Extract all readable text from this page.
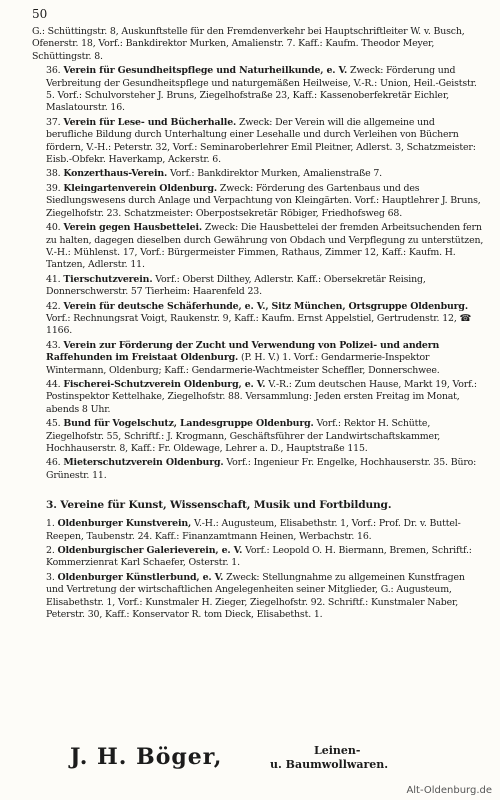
50
G.: Schüttingstr. 8, Auskunftstelle für den Fremdenverkehr bei Hauptschriftleiter W. v. Busch, Ofenerstr. 18, Vorf.: Bankdirektor Murken, Amalienstr. 7. Kaff.: Kaufm. Theodor Meyer, Schüttingstr. 8.
36. Verein für Gesundheitspflege und Naturheilkunde, e. V. Zweck: Förderung und Verbreitung der Gesundheitspflege und naturgemäßen Heilweise, V.-R.: Union, Heil.-Geiststr. 5. Vorf.: Schulvorsteher J. Bruns, Ziegelhofstraße 23, Kaff.: Kassenoberfekretär Eichler, Maslatourstr. 16.
37. Verein für Lese- und Bücherhalle. Zweck: Der Verein will die allgemeine und berufliche Bildung durch Unterhaltung einer Lesehalle und durch Verleihen von Büchern fördern, V.-H.: Peterstr. 32, Vorf.: Seminaroberlehrer Emil Pleitner, Adlerst. 3, Schatzmeister: Eisb.-Obfekr. Haverkamp, Ackerstr. 6.
38. Konzerthaus-Verein. Vorf.: Bankdirektor Murken, Amalienstraße 7.
39. Kleingartenverein Oldenburg. Zweck: Förderung des Gartenbaus und des Siedlungswesens durch Anlage und Verpachtung von Kleingärten. Vorf.: Hauptlehrer J. Bruns, Ziegelhofstr. 23. Schatzmeister: Oberpostsekretär Röbiger, Friedhofsweg 68.
40. Verein gegen Hausbettelei. Zweck: Die Hausbettelei der fremden Arbeitsuchenden fern zu halten, dagegen dieselben durch Gewährung von Obdach und Verpflegung zu unterstützen, V.-H.: Mühlenst. 17, Vorf.: Bürgermeister Fimmen, Rathaus, Zimmer 12, Kaff.: Kaufm. H. Tantzen, Adlerstr. 11.
41. Tierschutzverein. Vorf.: Oberst Dilthey, Adlerstr. Kaff.: Obersekretär Reising, Donnerschwerstr. 57 Tierheim: Haarenfeld 23.
42. Verein für deutsche Schäferhunde, e. V., Sitz München, Ortsgruppe Oldenburg. Vorf.: Rechnungsrat Voigt, Raukenstr. 9, Kaff.: Kaufm. Ernst Appelstiel, Gertrudenstr. 12, ☎ 1166.
43. Verein zur Förderung der Zucht und Verwendung von Polizei- und andern Raffehunden im Freistaat Oldenburg. (P. H. V.) 1. Vorf.: Gendarmerie-Inspektor Wintermann, Oldenburg; Kaff.: Gendarmerie-Wachtmeister Scheffler, Donnerschwee.
44. Fischerei-Schutzverein Oldenburg, e. V. V.-R.: Zum deutschen Hause, Markt 19, Vorf.: Postinspektor Kettelhake, Ziegelhofstr. 88. Versammlung: Jeden ersten Freitag im Monat, abends 8 Uhr.
45. Bund für Vogelschutz, Landesgruppe Oldenburg. Vorf.: Rektor H. Schütte, Ziegelhofstr. 55, Schriftf.: J. Krogmann, Geschäftsführer der Landwirtschaftskammer, Hochhauserstr. 8, Kaff.: Fr. Oldewage, Lehrer a. D., Hauptstraße 115.
46. Mieterschutzverein Oldenburg. Vorf.: Ingenieur Fr. Engelke, Hochhauserstr. 35. Büro: Grünestr. 11.
3. Vereine für Kunst, Wissenschaft, Musik und Fortbildung.
1. Oldenburger Kunstverein, V.-H.: Augusteum, Elisabethstr. 1, Vorf.: Prof. Dr. v. Buttel-Reepen, Taubenstr. 24. Kaff.: Finanzamtmann Heinen, Werbachstr. 16.
2. Oldenburgischer Galerieverein, e. V. Vorf.: Leopold O. H. Biermann, Bremen, Schriftf.: Kommerzienrat Karl Schaefer, Osterstr. 1.
3. Oldenburger Künstlerbund, e. V. Zweck: Stellungnahme zu allgemeinen Kunstfragen und Vertretung der wirtschaftlichen Angelegenheiten seiner Mitglieder, G.: Augusteum, Elisabethstr. 1, Vorf.: Kunstmaler H. Zieger, Ziegelhofstr. 92. Schriftf.: Kunstmaler Naber, Peterstr. 30, Kaff.: Konservator R. tom Dieck, Elisabethst. 1.
J. H. Böger,	Leinen-
u. Baumwollwaren.
Alt-Oldenburg.de
